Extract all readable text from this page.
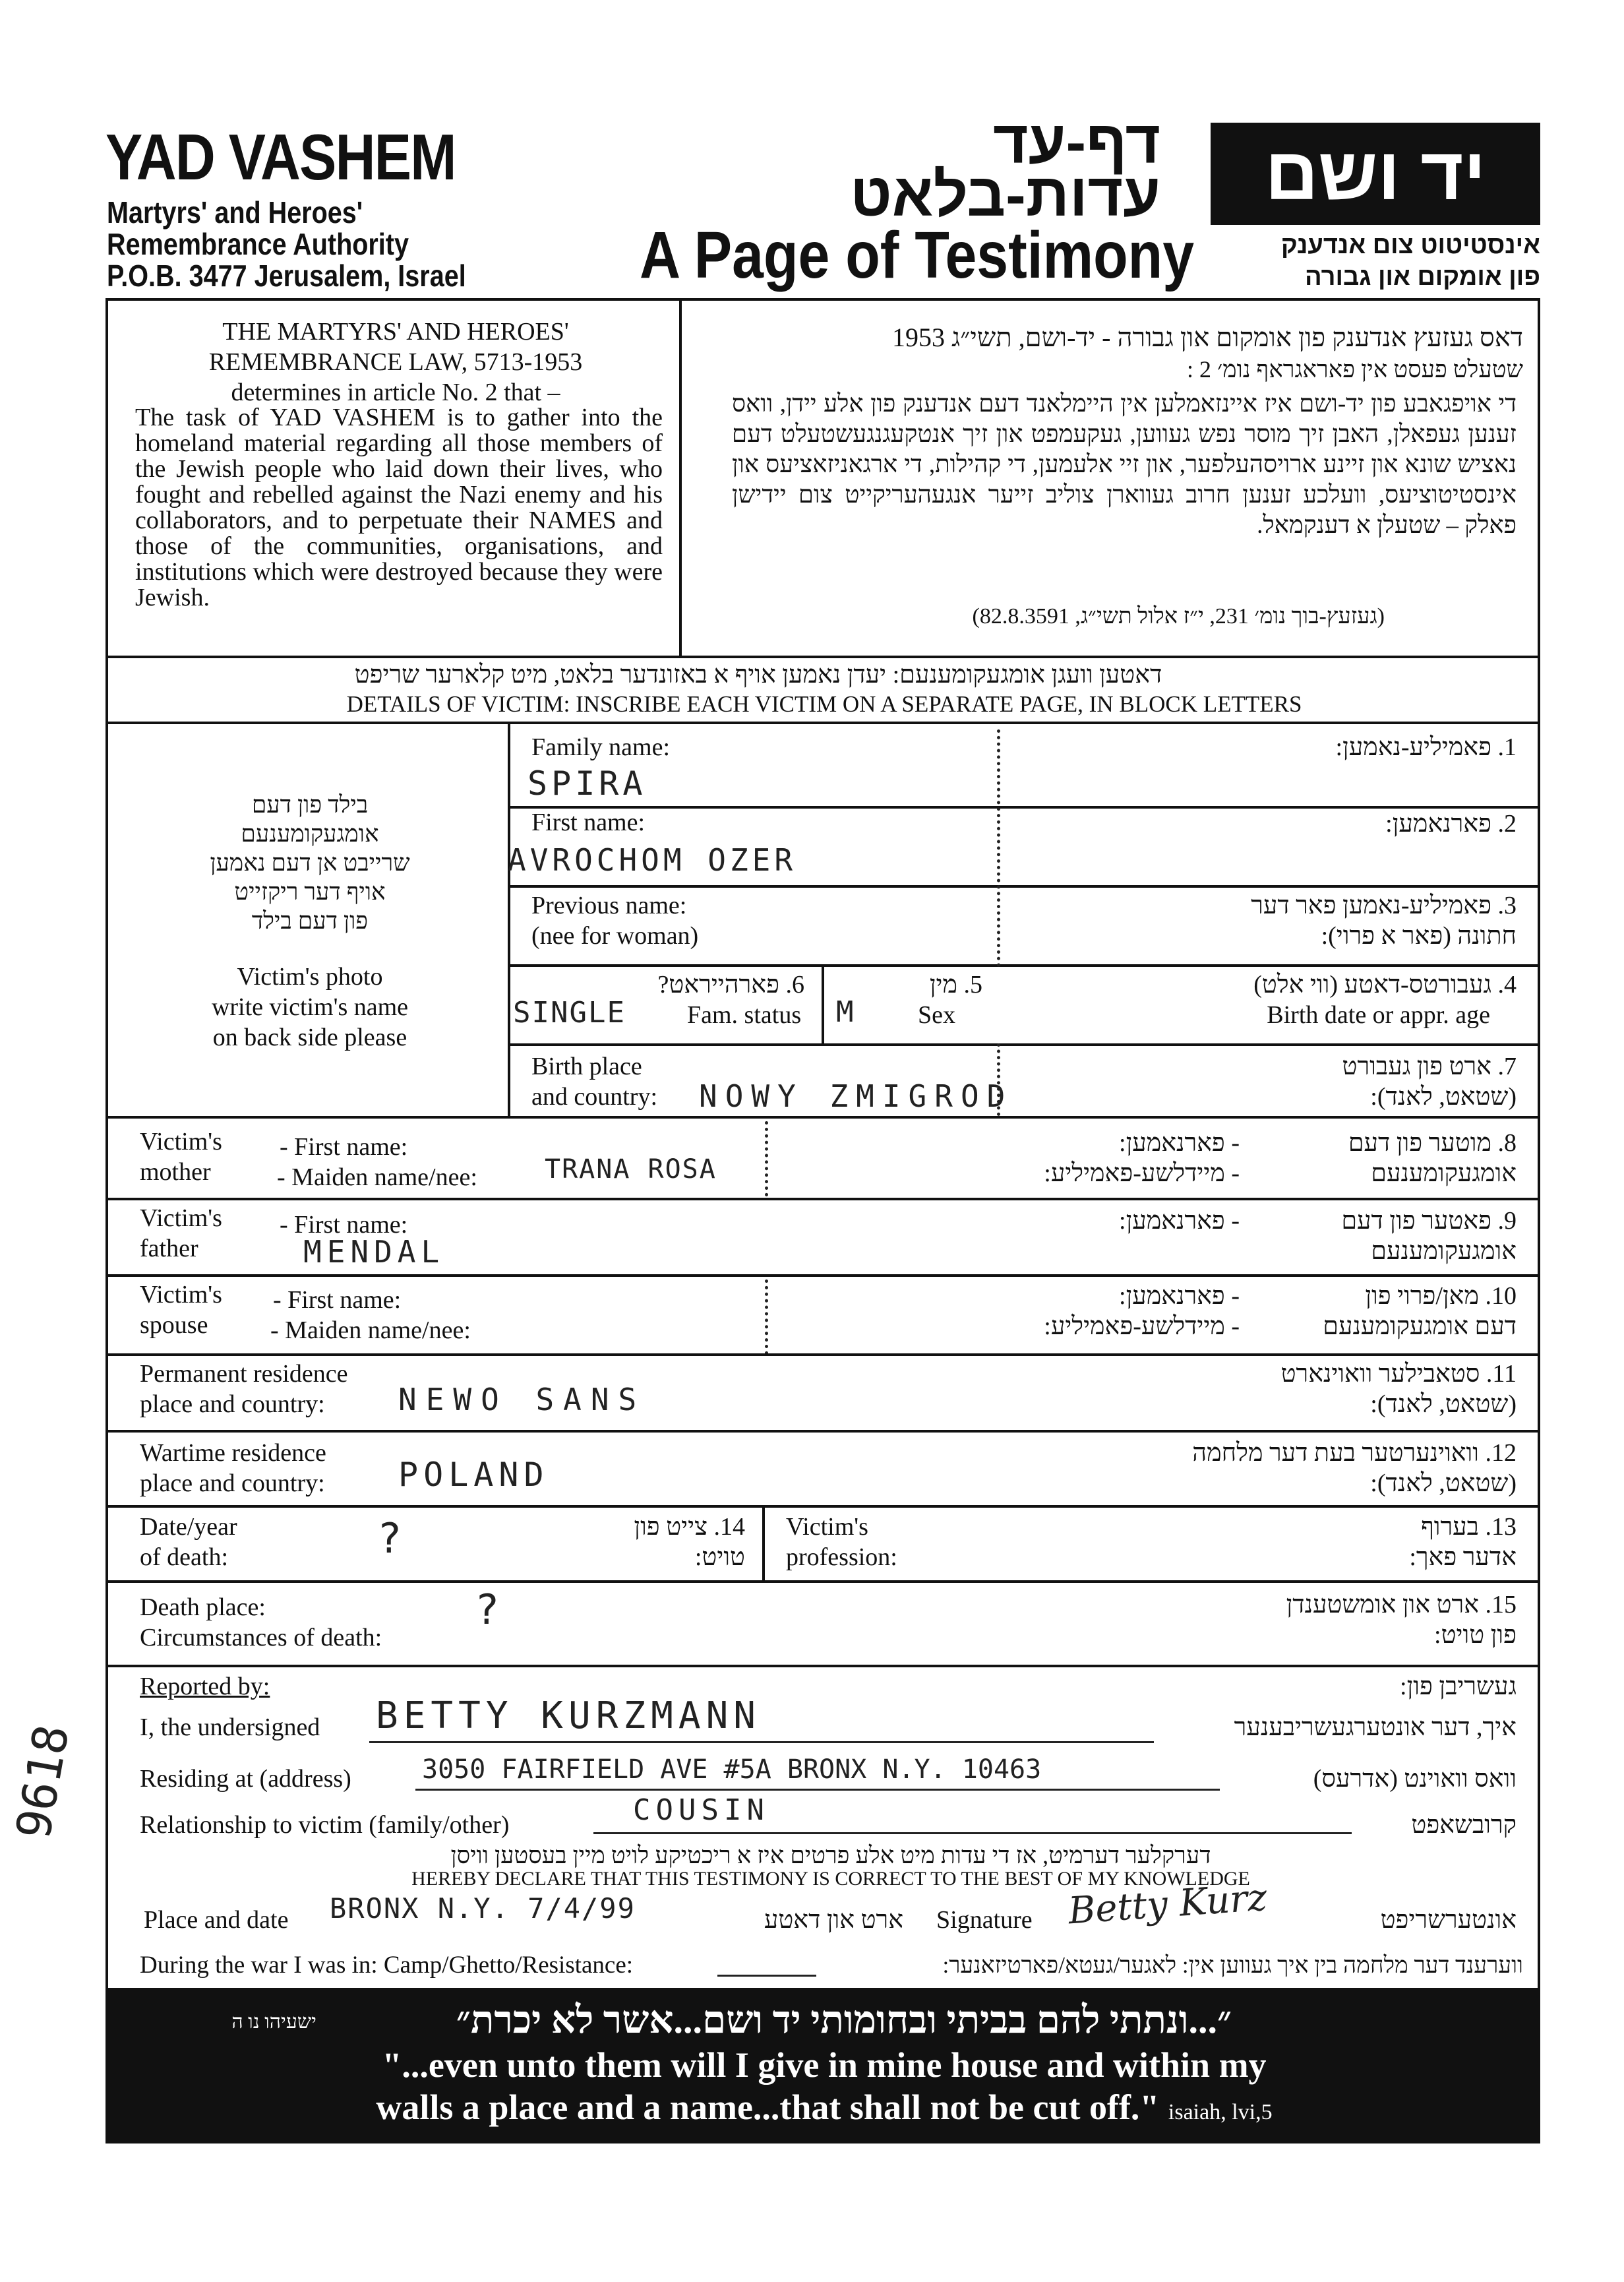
YAD VASHEM
Martyrs' and Heroes'
Remembrance Authority
P.O.B. 3477 Jerusalem, Israel
דף-עד
עדות-בלאט
A Page of Testimony
יד ושם
אינסטיטוט צום אנדענק
פון אומקום און גבורה
THE MARTYRS' AND HEROES'
REMEMBRANCE LAW, 5713-1953
determines in article No. 2 that –
The task of YAD VASHEM is to gather into the homeland material regarding all those members of the Jewish people who laid down their lives, who fought and rebelled against the Nazi enemy and his collaborators, and to perpetuate their NAMES and those of the communities, organisations, and institutions which were destroyed because they were Jewish.
דאס געזעץ אנדענק פון אומקום און גבורה - יד-ושם, תשי״ג 1953
שטעלט פעסט אין פאראגראף נומ׳ 2 :
די אויפגאבע פון יד-ושם איז איינזאמלען אין היימלאנד דעם אנדענק פון אלע יידן, וואס זענען געפאלן, האבן זיך מוסר נפש געווען, געקעמפט און זיך אנטקעגנגעשטעלט דעם נאציש שונא און זיינע ארויסהעלפער, און זיי אלעמען, די קהילות, די ארגאניזאציעס און אינסטיטוציעס, וועלכע זענען חרוב געווארן צוליב זייער אנגעהעריקייט צום יידישן פאלק – שטעלן א דענקמאל.
(געזעץ-בוך נומ׳ 231, י״ז אלול תשי״ג, 82.8.3591)
דאטען וועגן אומגעקומענעם: יעדן נאמען אויף א באזונדער בלאט, מיט קלארער שריפט
DETAILS OF VICTIM: INSCRIBE EACH VICTIM ON A SEPARATE PAGE, IN BLOCK LETTERS
בילד פון דעם
אומגעקומענעם
שרייבט אן דעם נאמען
אויף דער ריקזייט
פון דעם בילד
Victim's photo
write victim's name
on back side please
Family name:
SPIRA
1. פאמיליע-נאמען:
First name:
AVROCHOM OZER
2. פארנאמען:
Previous name:
(nee for woman)
3. פאמיליע-נאמען פאר דער
חתונה (פאר א פרוי):
6. פארהייראט?
Fam. status
SINGLE
5. מין
Sex
M
4. געבורטס-דאטע (ווי אלט)
Birth date or appr. age
Birth place
and country: NOWY ZMIGROD
7. ארט פון געבורט
(שטאט, לאנד):
Victim's
mother
- First name:
- Maiden name/nee:	TRANA ROSA
- פארנאמען:
- מיידלשע-פאמיליע:
8. מוטער פון דעם
אומגעקומענעם
Victim's
father
- First name:
MENDAL
- פארנאמען:	9. פאטער פון דעם
אומגעקומענעם
Victim's
spouse
- First name:
- Maiden name/nee:
- פארנאמען:
- מיידלשע-פאמיליע:
10. מאן/פרוי פון
דעם אומגעקומענעם
Permanent residence
place and country:	NEWO SANS
11. סטאבילער וואוינארט
(שטאט, לאנד):
Wartime residence
place and country: POLAND
12. וואוינערטער בעת דער מלחמה
(שטאט, לאנד):
Date/year
of death:	?	14. צייט פון
טויט:
Victim's
profession:
13. בערוף
אדער פאך:
Death place:
Circumstances of death:
?	15. ארט און אומשטענדן
פון טויט:
Reported by:	געשריבן פון:
I, the undersigned BETTY KURZMANN	איך, דער אונטערגעשריבענער
Residing at (address)	3050 FAIRFIELD AVE #5A BRONX N.Y. 10463	וואס וואוינט (אדרעס)
Relationship to victim (family/other)	COUSIN	קרובשאפט
דערקלער דערמיט, אז די עדות מיט אלע פרטים איז א ריכטיקע לויט מיין בעסטען וויסן
HEREBY DECLARE THAT THIS TESTIMONY IS CORRECT TO THE BEST OF MY KNOWLEDGE
Place and date BRONX N.Y. 7/4/99	ארט און דאטע Signature Betty Kurz	אונטערשריפט
During the war I was in: Camp/Ghetto/Resistance:	ווערענד דער מלחמה בין איך געווען אין: לאגער/געטא/פארטיזאנער:
9618
״...ונתתי להם בביתי ובחומותי יד ושם...אשר לא יכרת״
ישעיהו נו ה
"...even unto them will I give in mine house and within my
walls a place and a name...that shall not be cut off." isaiah, lvi,5
